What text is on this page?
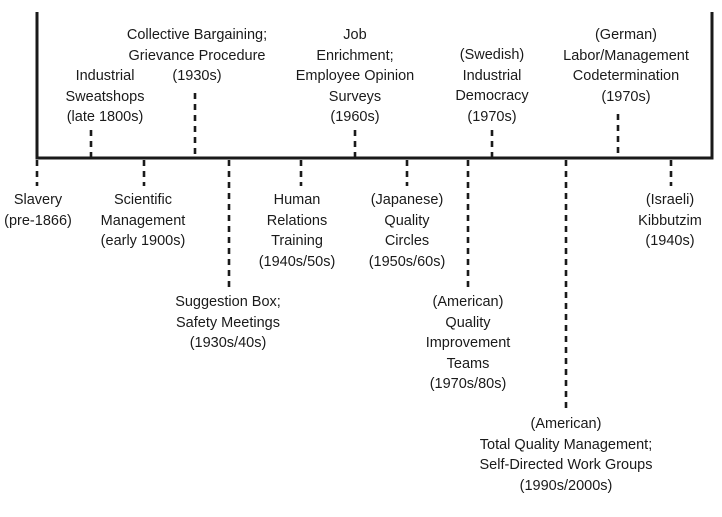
Industrial
Sweatshops
(late 1800s)
Collective Bargaining;
Grievance Procedure
(1930s)
Job
Enrichment;
Employee Opinion
Surveys
(1960s)
(Swedish)
Industrial
Democracy
(1970s)
(German)
Labor/Management
Codetermination
(1970s)
Slavery
(pre-1866)
Scientific
Management
(early 1900s)
Suggestion Box;
Safety Meetings
(1930s/40s)
Human
Relations
Training
(1940s/50s)
(Japanese)
Quality
Circles
(1950s/60s)
(American)
Quality
Improvement
Teams
(1970s/80s)
(American)
Total Quality Management;
Self-Directed Work Groups
(1990s/2000s)
(Israeli)
Kibbutzim
(1940s)
